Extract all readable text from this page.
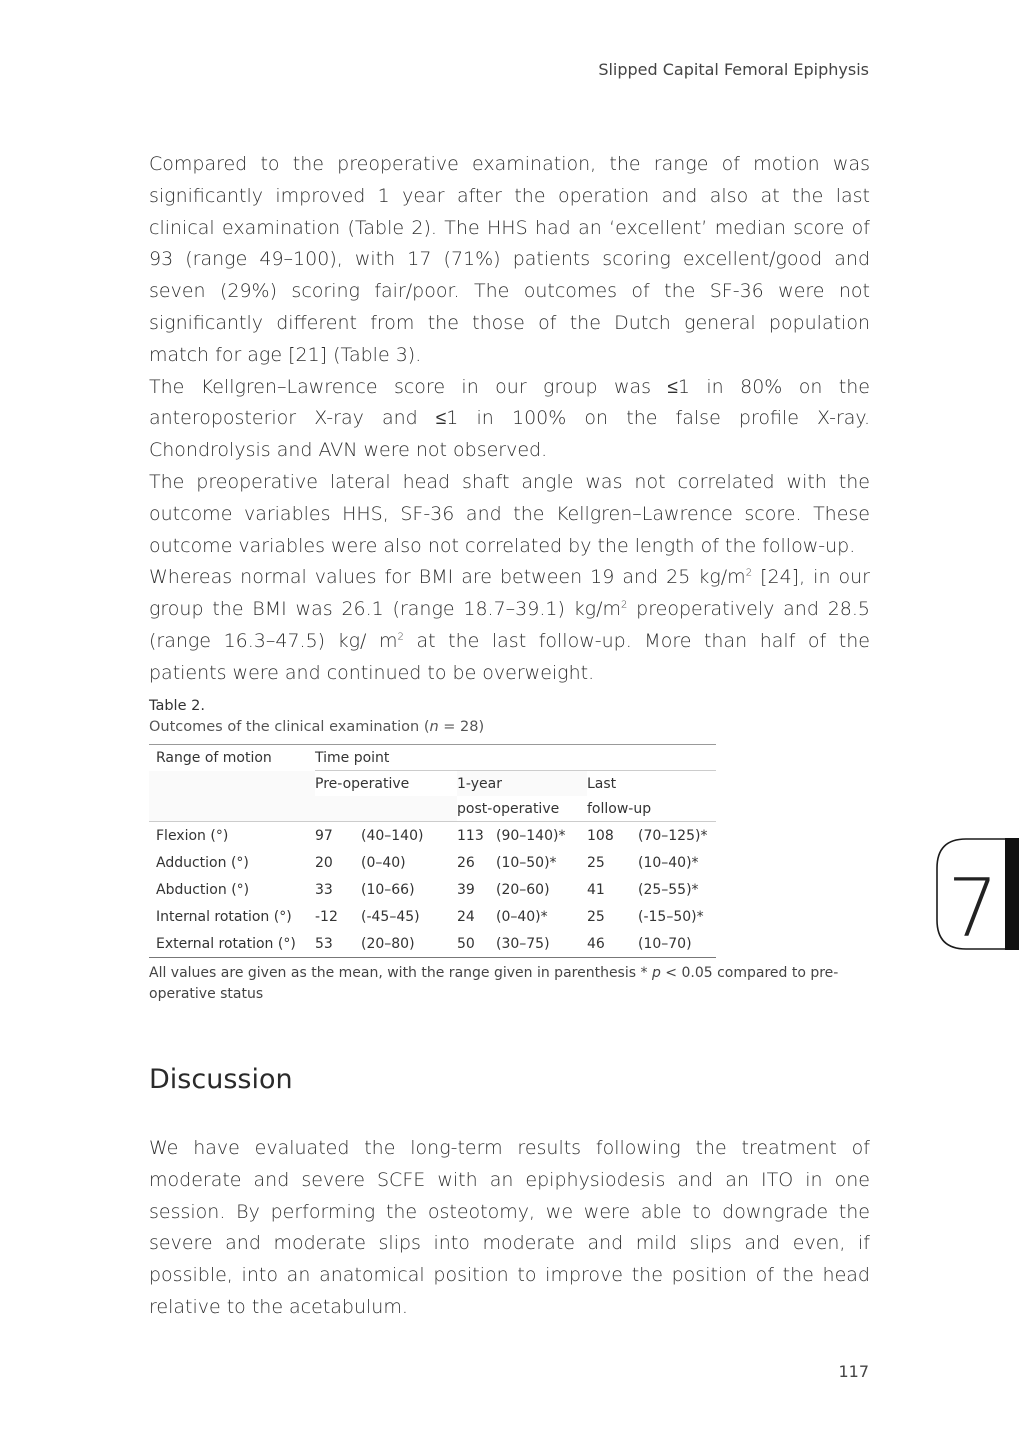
Slipped Capital Femoral Epiphysis

Compared to the preoperative examination, the range of motion was significantly improved 1 year after the operation and also at the last clinical examination (Table 2). The HHS had an ‘excellent’ median score of 93 (range 49–100), with 17 (71%) patients scoring excellent/good and seven (29%) scoring fair/poor. The outcomes of the SF-36 were not significantly different from the those of the Dutch general population match for age [21] (Table 3).

The Kellgren–Lawrence score in our group was ≤1 in 80% on the anteroposterior X-ray and ≤1 in 100% on the false profile X-ray. Chondrolysis and AVN were not observed.

The preoperative lateral head shaft angle was not correlated with the outcome variables HHS, SF-36 and the Kellgren–Lawrence score. These outcome variables were also not correlated by the length of the follow-up.

Whereas normal values for BMI are between 19 and 25 $kg/m^2$ [24], in our group the BMI was 26.1 (range 18.7–39.1) $kg/m^2$ preoperatively and 28.5 (range 16.3–47.5) kg/ $m^2$ at the last follow-up. More than half of the patients were and continued to be overweight.

Table 2.
Outcomes of the clinical examination (n = 28)
Range of motion	Time point					
	Pre-operative		1-year		Last	
			post-operative		follow-up	
Flexion (°)	97	(40–140)	113	(90–140)*	108	(70–125)*
Adduction (°)	20	(0–40)	26	(10–50)*	25	(10–40)*
Abduction (°)	33	(10–66)	39	(20–60)	41	(25–55)*
Internal rotation (°)	-12	(-45–45)	24	(0–40)*	25	(-15–50)*
External rotation (°)	53	(20–80)	50	(30–75)	46	(10–70)
All values are given as the mean, with the range given in parenthesis * p < 0.05 compared to pre-operative status
Discussion

We have evaluated the long-term results following the treatment of moderate and severe SCFE with an epiphysiodesis and an ITO in one session. By performing the osteotomy, we were able to downgrade the severe and moderate slips into moderate and mild slips and even, if possible, into an anatomical position to improve the position of the head relative to the acetabulum.

7
117
